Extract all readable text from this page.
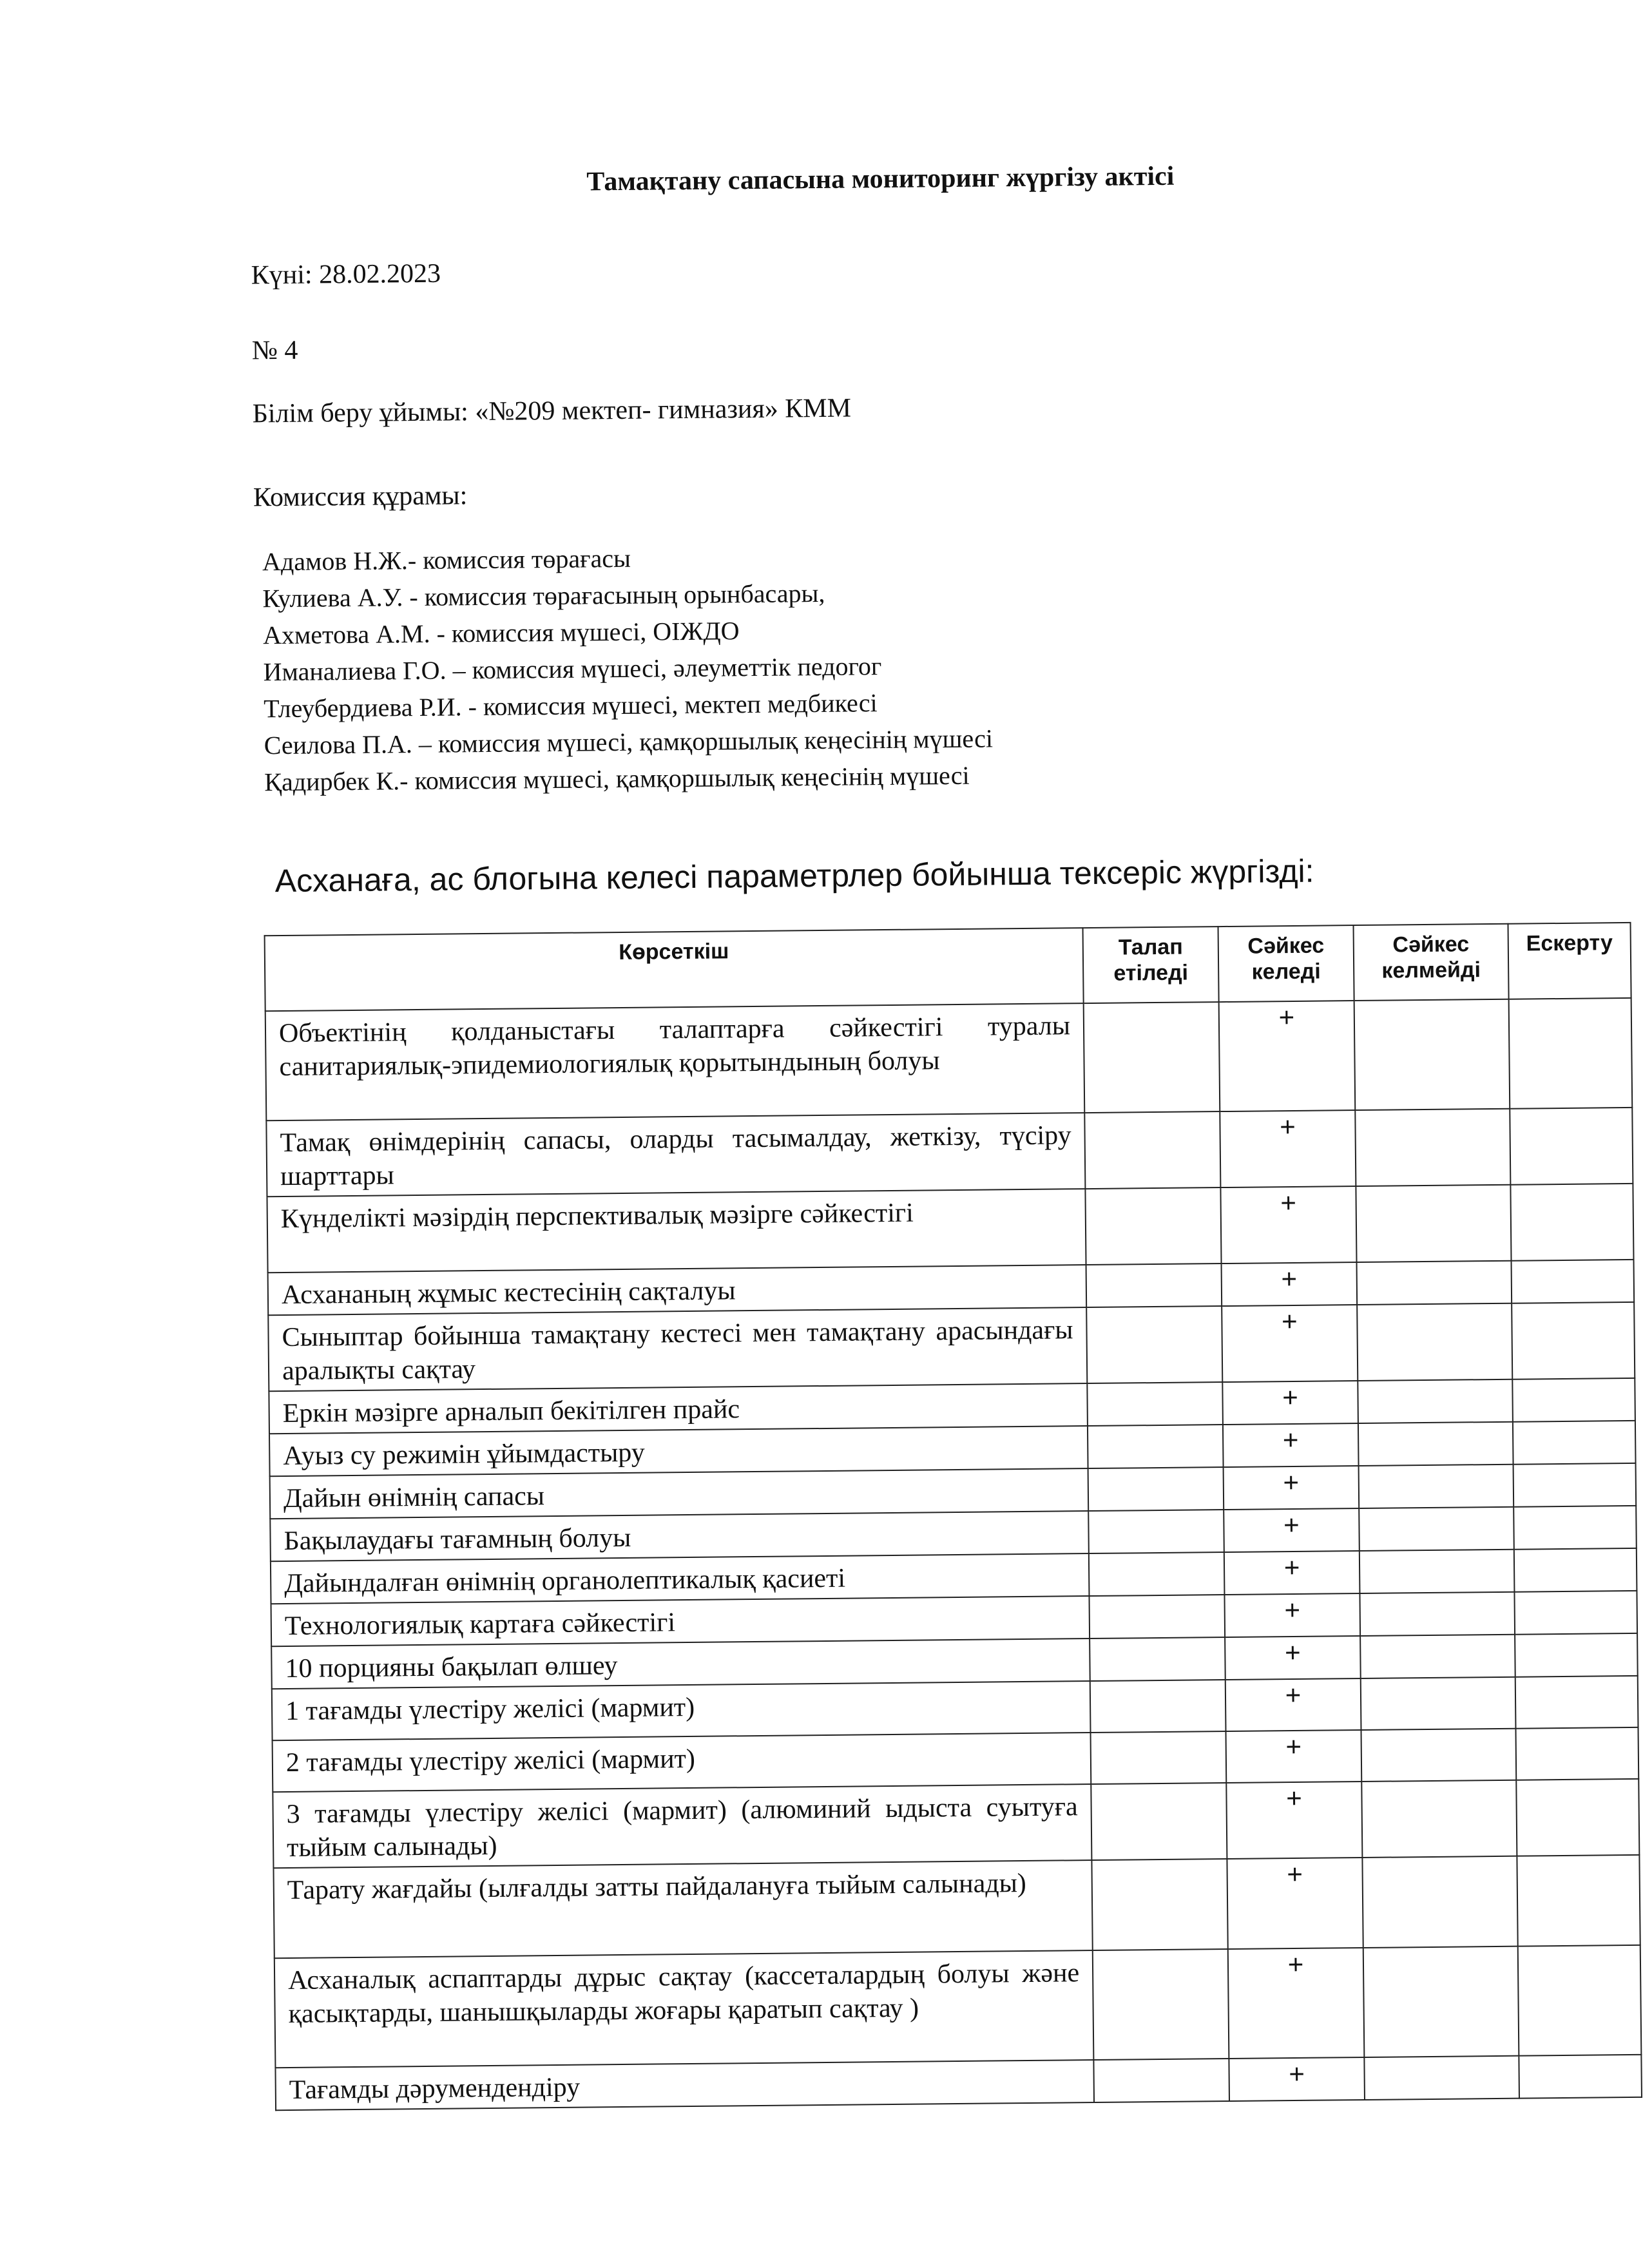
Тамақтану сапасына мониторинг жүргізу актісі
Күні: 28.02.2023
№ 4
Білім беру ұйымы: «№209 мектеп- гимназия» КММ
Комиссия құрамы:
Адамов Н.Ж.- комиссия төрағасы
Кулиева А.У. - комиссия төрағасының орынбасары,
Ахметова А.М. - комиссия мүшесі, ОІЖДО
Иманалиева Г.О. – комиссия мүшесі, әлеуметтік педогог
Тлеубердиева Р.И. - комиссия мүшесі, мектеп медбикесі
Сеилова П.А. – комиссия мүшесі, қамқоршылық кеңесінің мүшесі
Қадирбек К.- комиссия мүшесі, қамқоршылық кеңесінің мүшесі
Асханаға, ас блогына келесі параметрлер бойынша тексеріс жүргізді:
Көрсеткіш	Талап етіледі	Сәйкес келеді	Сәйкес келмейді	Ескерту
Объектінің қолданыстағы талаптарға сәйкестігі туралы санитариялық-эпидемиологиялық қорытындының болуы		+		
Тамақ өнімдерінің сапасы, оларды тасымалдау, жеткізу, түсіру шарттары		+		
Күнделікті мәзірдің перспективалық мәзірге сәйкестігі		+		
Асхананың жұмыс кестесінің сақталуы		+		
Сыныптар бойынша тамақтану кестесі мен тамақтану арасындағы аралықты сақтау		+		
Еркін мәзірге арналып бекітілген прайс		+		
Ауыз су режимін ұйымдастыру		+		
Дайын өнімнің сапасы		+		
Бақылаудағы тағамның болуы		+		
Дайындалған өнімнің органолептикалық қасиеті		+		
Технологиялық картаға сәйкестігі		+		
10 порцияны бақылап өлшеу		+		
1 тағамды үлестіру желісі (мармит)		+		
2 тағамды үлестіру желісі (мармит)		+		
3 тағамды үлестіру желісі (мармит) (алюминий ыдыста суытуға тыйым салынады)		+		
Тарату жағдайы (ылғалды затты пайдалануға тыйым салынады)		+		
Асханалық аспаптарды дұрыс сақтау (кассеталардың болуы және қасықтарды, шанышқыларды жоғары қаратып сақтау )		+		
Тағамды дәрумендендіру		+		
